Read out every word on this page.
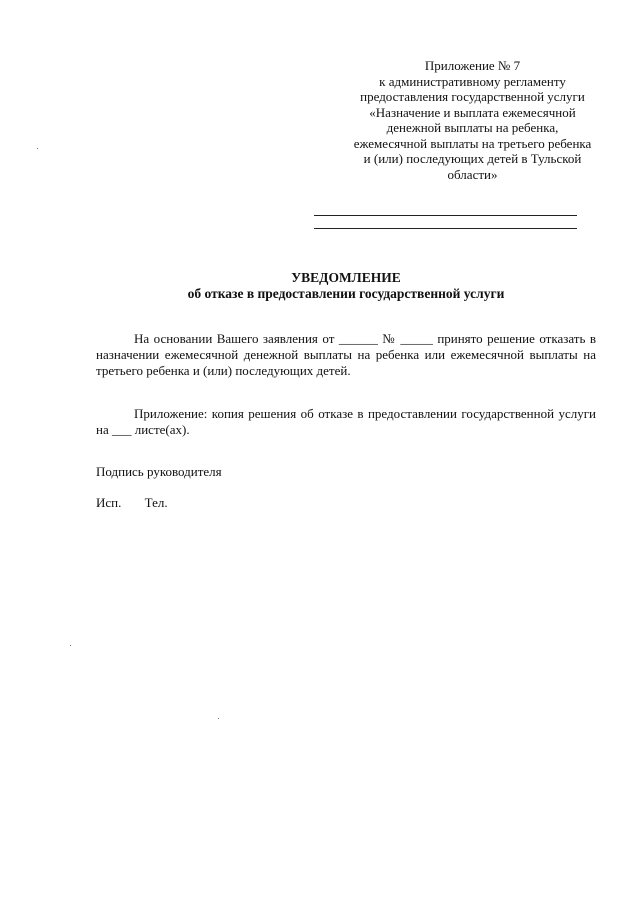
Приложение № 7
к административному регламенту
предоставления государственной услуги
«Назначение и выплата ежемесячной
денежной выплаты на ребенка,
ежемесячной выплаты на третьего ребенка
и (или) последующих детей в Тульской
области»
УВЕДОМЛЕНИЕ
об отказе в предоставлении государственной услуги
На основании Вашего заявления от ______ № _____ принято решение отказать в
назначении ежемесячной денежной выплаты на ребенка или ежемесячной выплаты на
третьего ребенка и (или) последующих детей.
Приложение: копия решения об отказе в предоставлении государственной услуги
на ___ листе(ах).
Подпись руководителя
Исп. Тел.
